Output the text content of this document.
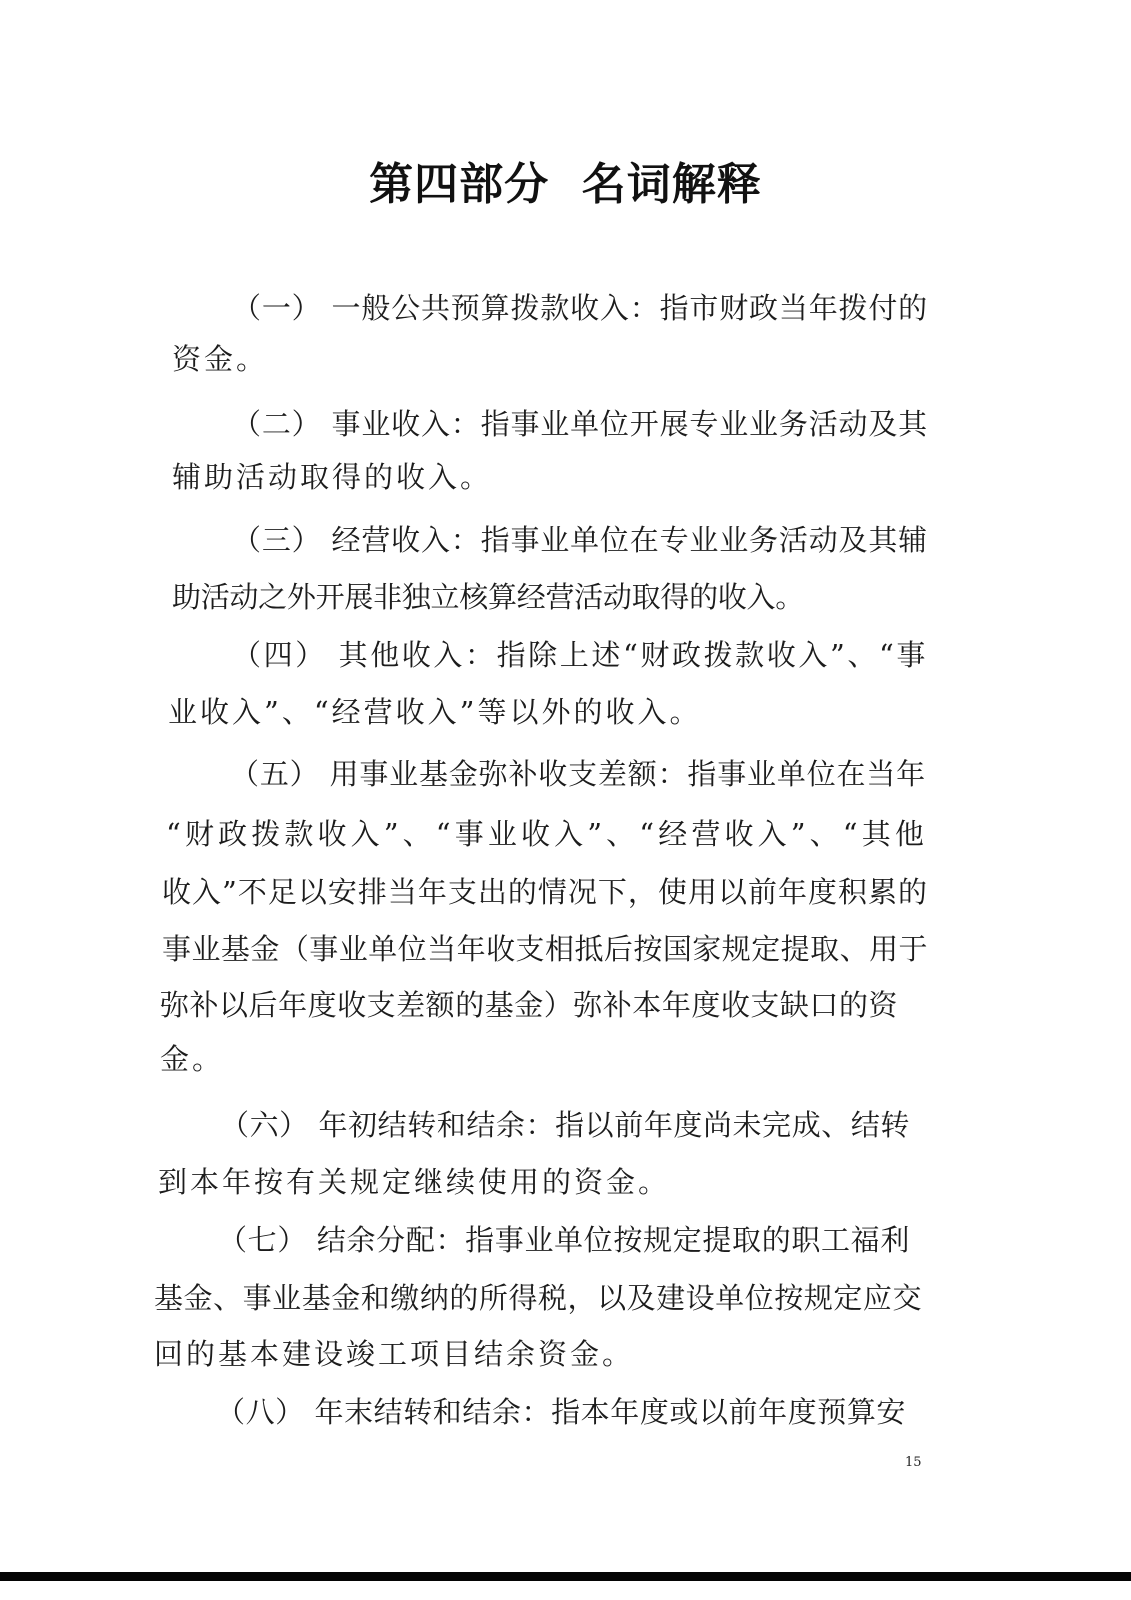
第四部分  名词解释
（一） 一般公共预算拨款收入：指市财政当年拨付的
资金。
（二） 事业收入：指事业单位开展专业业务活动及其
辅助活动取得的收入。
（三） 经营收入：指事业单位在专业业务活动及其辅
助活动之外开展非独立核算经营活动取得的收入。
（四） 其他收入：指除上述“财政拨款收入”、“事
业收入”、“经营收入”等以外的收入。
（五） 用事业基金弥补收支差额：指事业单位在当年
“财政拨款收入”、“事业收入”、“经营收入”、“其他
收入”不足以安排当年支出的情况下，使用以前年度积累的
事业基金（事业单位当年收支相抵后按国家规定提取、用于
弥补以后年度收支差额的基金）弥补本年度收支缺口的资
金。
（六） 年初结转和结余：指以前年度尚未完成、结转
到本年按有关规定继续使用的资金。
（七） 结余分配：指事业单位按规定提取的职工福利
基金、事业基金和缴纳的所得税，以及建设单位按规定应交
回的基本建设竣工项目结余资金。
（八） 年末结转和结余：指本年度或以前年度预算安
15
